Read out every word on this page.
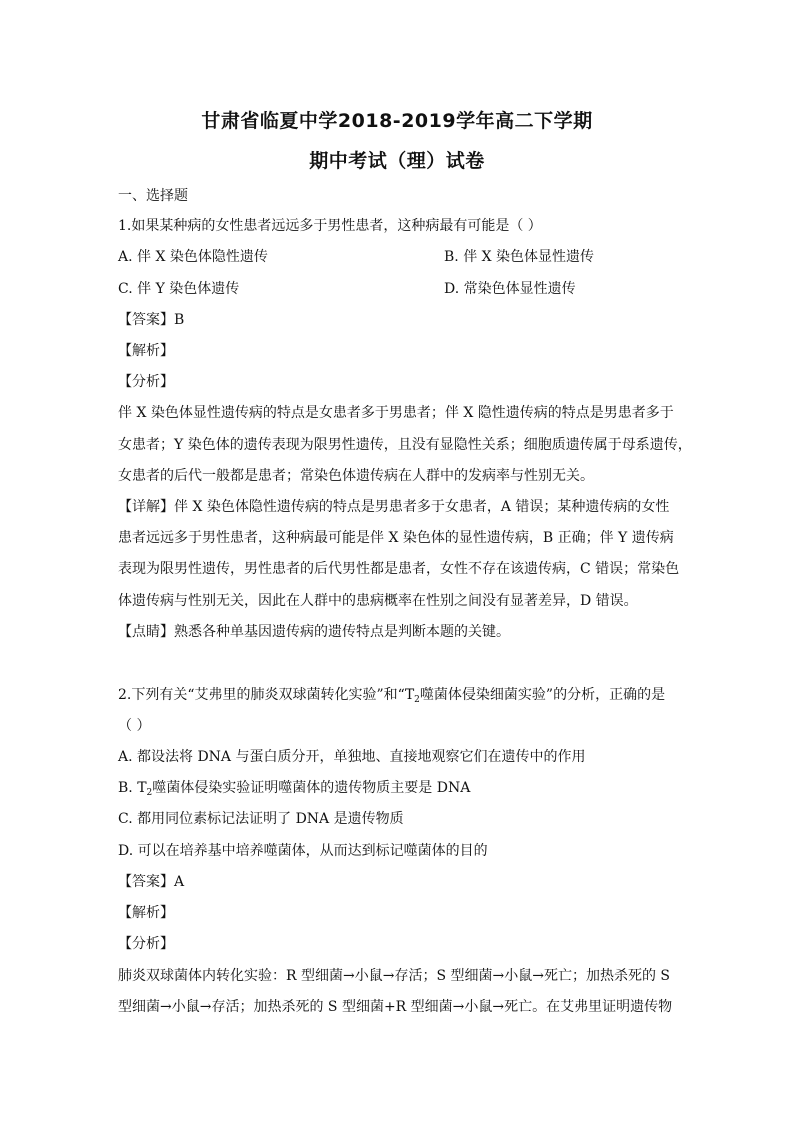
甘肃省临夏中学2018-2019学年高二下学期
期中考试（理）试卷
一、选择题
1.如果某种病的女性患者远远多于男性患者，这种病最有可能是（ ）
A. 伴 X 染色体隐性遗传	B. 伴 X 染色体显性遗传
C. 伴 Y 染色体遗传	D. 常染色体显性遗传
【答案】B
【解析】
【分析】
伴 X 染色体显性遗传病的特点是女患者多于男患者；伴 X 隐性遗传病的特点是男患者多于
女患者；Y 染色体的遗传表现为限男性遗传，且没有显隐性关系；细胞质遗传属于母系遗传，
女患者的后代一般都是患者；常染色体遗传病在人群中的发病率与性别无关。
【详解】伴 X 染色体隐性遗传病的特点是男患者多于女患者，A 错误；某种遗传病的女性
患者远远多于男性患者，这种病最可能是伴 X 染色体的显性遗传病，B 正确；伴 Y 遗传病
表现为限男性遗传，男性患者的后代男性都是患者，女性不存在该遗传病，C 错误；常染色
体遗传病与性别无关，因此在人群中的患病概率在性别之间没有显著差异，D 错误。
【点睛】熟悉各种单基因遗传病的遗传特点是判断本题的关键。
2.下列有关“艾弗里的肺炎双球菌转化实验”和“$T_2$噬菌体侵染细菌实验”的分析，正确的是
（ ）
A. 都设法将 DNA 与蛋白质分开，单独地、直接地观察它们在遗传中的作用
B. $T_2$噬菌体侵染实验证明噬菌体的遗传物质主要是 DNA
C. 都用同位素标记法证明了 DNA 是遗传物质
D. 可以在培养基中培养噬菌体，从而达到标记噬菌体的目的
【答案】A
【解析】
【分析】
肺炎双球菌体内转化实验：R 型细菌→小鼠→存活；S 型细菌→小鼠→死亡；加热杀死的 S
型细菌→小鼠→存活；加热杀死的 S 型细菌+R 型细菌→小鼠→死亡。在艾弗里证明遗传物
